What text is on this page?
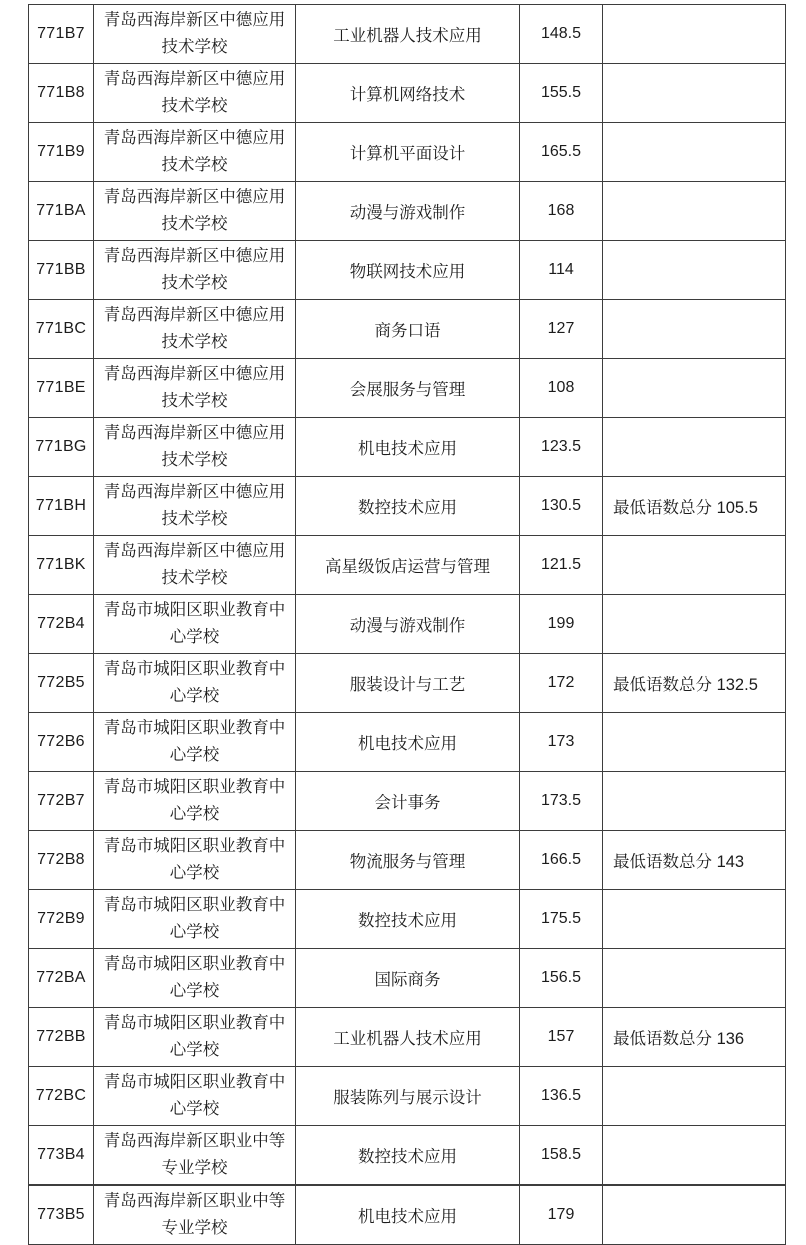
771B7	青岛西海岸新区中德应用技术学校	工业机器人技术应用	148.5	
771B8	青岛西海岸新区中德应用技术学校	计算机网络技术	155.5	
771B9	青岛西海岸新区中德应用技术学校	计算机平面设计	165.5	
771BA	青岛西海岸新区中德应用技术学校	动漫与游戏制作	168	
771BB	青岛西海岸新区中德应用技术学校	物联网技术应用	114	
771BC	青岛西海岸新区中德应用技术学校	商务口语	127	
771BE	青岛西海岸新区中德应用技术学校	会展服务与管理	108	
771BG	青岛西海岸新区中德应用技术学校	机电技术应用	123.5	
771BH	青岛西海岸新区中德应用技术学校	数控技术应用	130.5	最低语数总分 105.5
771BK	青岛西海岸新区中德应用技术学校	高星级饭店运营与管理	121.5	
772B4	青岛市城阳区职业教育中心学校	动漫与游戏制作	199	
772B5	青岛市城阳区职业教育中心学校	服装设计与工艺	172	最低语数总分 132.5
772B6	青岛市城阳区职业教育中心学校	机电技术应用	173	
772B7	青岛市城阳区职业教育中心学校	会计事务	173.5	
772B8	青岛市城阳区职业教育中心学校	物流服务与管理	166.5	最低语数总分 143
772B9	青岛市城阳区职业教育中心学校	数控技术应用	175.5	
772BA	青岛市城阳区职业教育中心学校	国际商务	156.5	
772BB	青岛市城阳区职业教育中心学校	工业机器人技术应用	157	最低语数总分 136
772BC	青岛市城阳区职业教育中心学校	服装陈列与展示设计	136.5	
773B4	青岛西海岸新区职业中等专业学校	数控技术应用	158.5	
773B5	青岛西海岸新区职业中等专业学校	机电技术应用	179	
